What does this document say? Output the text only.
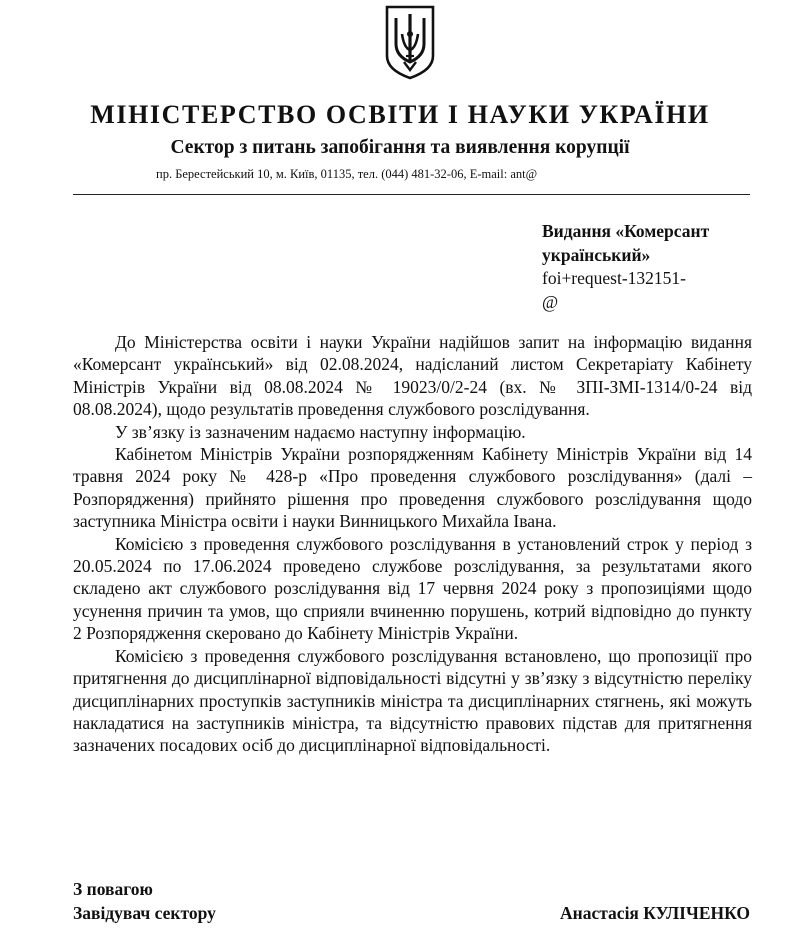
МІНІСТЕРСТВО ОСВІТИ І НАУКИ УКРАЇНИ
Сектор з питань запобігання та виявлення корупції
пр. Берестейський 10, м. Київ, 01135, тел. (044) 481-32-06, E-mail: ant@
Видання «Комерсант український»
foi+request-132151-
@

До Міністерства освіти і науки України надійшов запит на інформацію видання «Комерсант український» від 02.08.2024, надісланий листом Секретаріату Кабінету Міністрів України від 08.08.2024 № 19023/0/2-24 (вх. № ЗПІ-ЗМІ-1314/0-24 від 08.08.2024), щодо результатів проведення службового розслідування.

У зв’язку із зазначеним надаємо наступну інформацію.

Кабінетом Міністрів України розпорядженням Кабінету Міністрів України від 14 травня 2024 року № 428-р «Про проведення службового розслідування» (далі – Розпорядження) прийнято рішення про проведення службового розслідування щодо заступника Міністра освіти і науки Винницького Михайла Івана.

Комісією з проведення службового розслідування в установлений строк у період з 20.05.2024 по 17.06.2024 проведено службове розслідування, за результатами якого складено акт службового розслідування від 17 червня 2024 року з пропозиціями щодо усунення причин та умов, що сприяли вчиненню порушень, котрий відповідно до пункту 2 Розпорядження скеровано до Кабінету Міністрів України.

Комісією з проведення службового розслідування встановлено, що пропозиції про притягнення до дисциплінарної відповідальності відсутні у зв’язку з відсутністю переліку дисциплінарних проступків заступників міністра та дисциплінарних стягнень, які можуть накладатися на заступників міністра, та відсутністю правових підстав для притягнення зазначених посадових осіб до дисциплінарної відповідальності.

З повагою
Завідувач сектору	Анастасія КУЛІЧЕНКО
